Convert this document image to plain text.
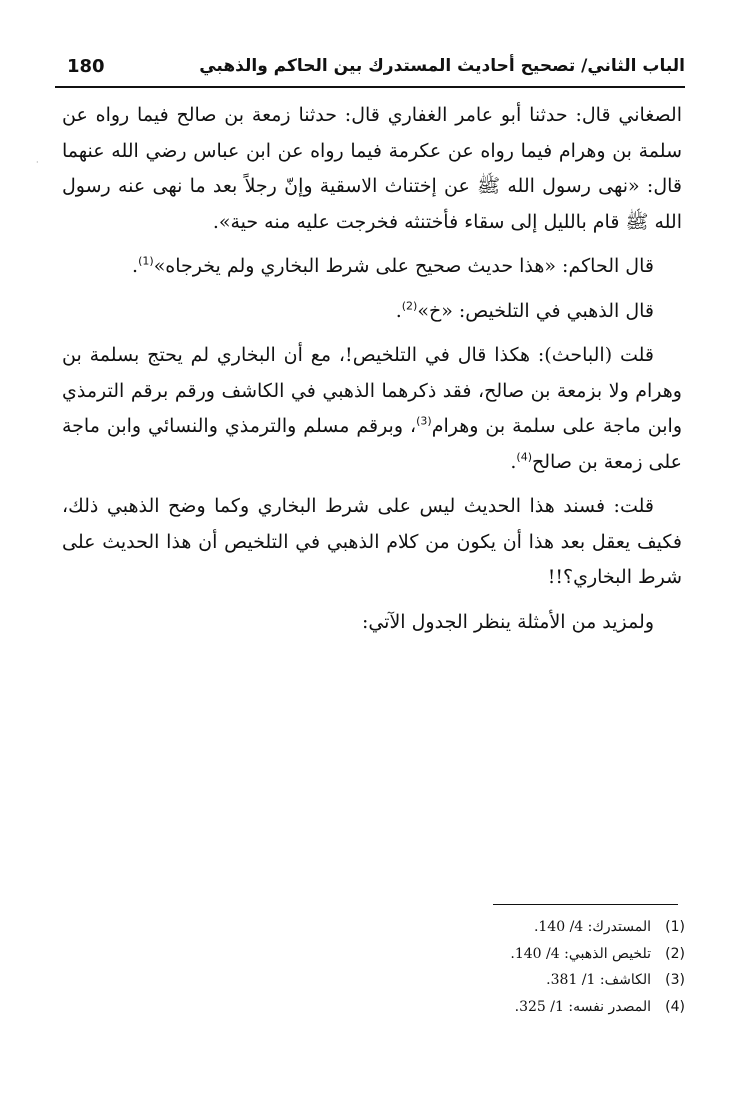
180	الباب الثاني/ تصحيح أحاديث المستدرك بين الحاكم والذهبي
·

الصغاني قال: حدثنا أبو عامر الغفاري قال: حدثنا زمعة بن صالح فيما رواه عن سلمة بن وهرام فيما رواه عن عكرمة فيما رواه عن ابن عباس رضي الله عنهما قال: «نهى رسول الله ﷺ عن إختناث الاسقية وإنّ رجلاً بعد ما نهى عنه رسول الله ﷺ قام بالليل إلى سقاء فأختنثه فخرجت عليه منه حية».

قال الحاكم: «هذا حديث صحيح على شرط البخاري ولم يخرجاه»$^{(1)}$.

قال الذهبي في التلخيص: «خ»$^{(2)}$.

قلت (الباحث): هكذا قال في التلخيص!، مع أن البخاري لم يحتج بسلمة بن وهرام ولا بزمعة بن صالح، فقد ذكرهما الذهبي في الكاشف ورقم برقم الترمذي وابن ماجة على سلمة بن وهرام$^{(3)}$، وبرقم مسلم والترمذي والنسائي وابن ماجة على زمعة بن صالح$^{(4)}$.

قلت: فسند هذا الحديث ليس على شرط البخاري وكما وضح الذهبي ذلك، فكيف يعقل بعد هذا أن يكون من كلام الذهبي في التلخيص أن هذا الحديث على شرط البخاري؟!!

ولمزيد من الأمثلة ينظر الجدول الآتي:

(1)المستدرك: 4/ 140.
(2)تلخيص الذهبي: 4/ 140.
(3)الكاشف: 1/ 381.
(4)المصدر نفسه: 1/ 325.
